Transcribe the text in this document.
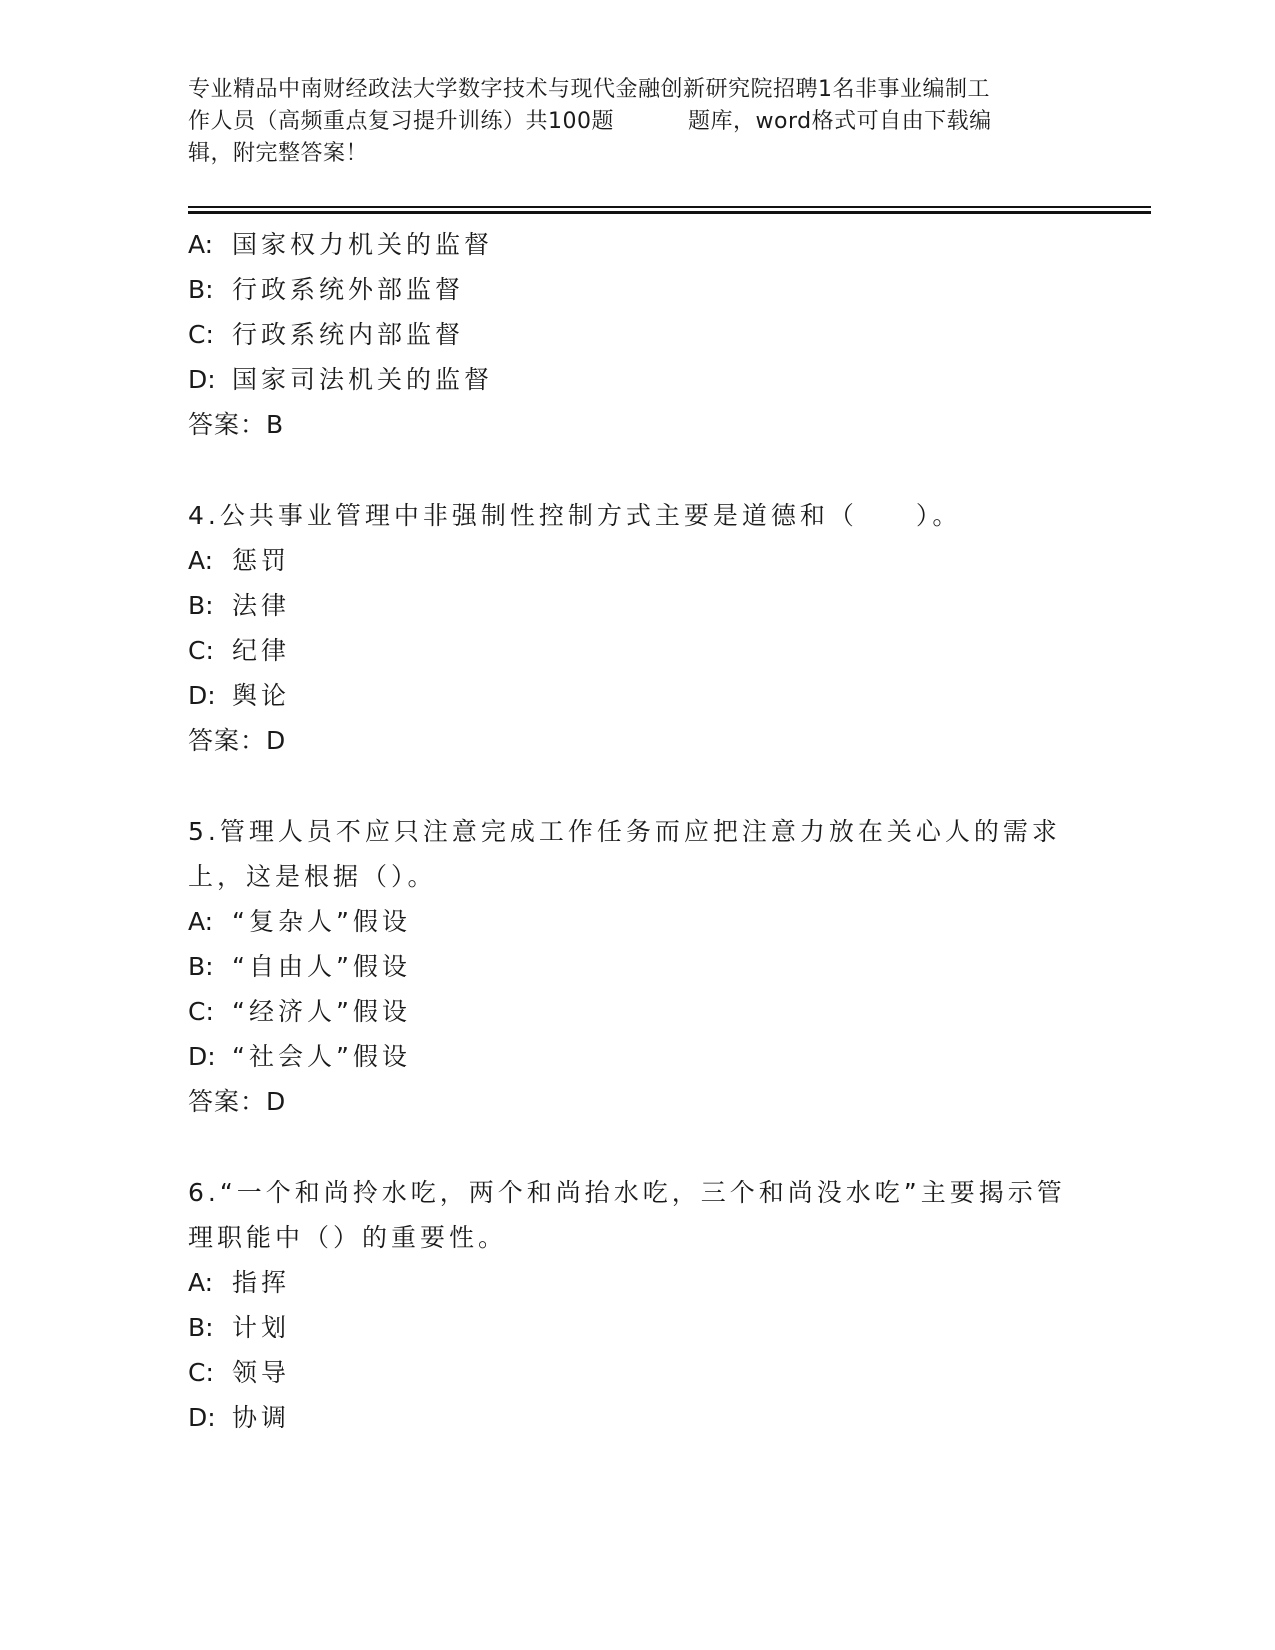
专业精品中南财经政法大学数字技术与现代金融创新研究院招聘1名非事业编制工
作人员（高频重点复习提升训练）共100题	题库，word格式可自由下载编
辑，附完整答案！
A: 国家权力机关的监督
B: 行政系统外部监督
C: 行政系统内部监督
D: 国家司法机关的监督
答案：B
4.公共事业管理中非强制性控制方式主要是道德和（　　）。
A: 惩罚
B: 法律
C: 纪律
D: 舆论
答案：D
5.管理人员不应只注意完成工作任务而应把注意力放在关心人的需求上，这是根据（）。
A: “复杂人”假设
B: “自由人”假设
C: “经济人”假设
D: “社会人”假设
答案：D
6.“一个和尚拎水吃，两个和尚抬水吃，三个和尚没水吃”主要揭示管理职能中（）的重要性。
A: 指挥
B: 计划
C: 领导
D: 协调
